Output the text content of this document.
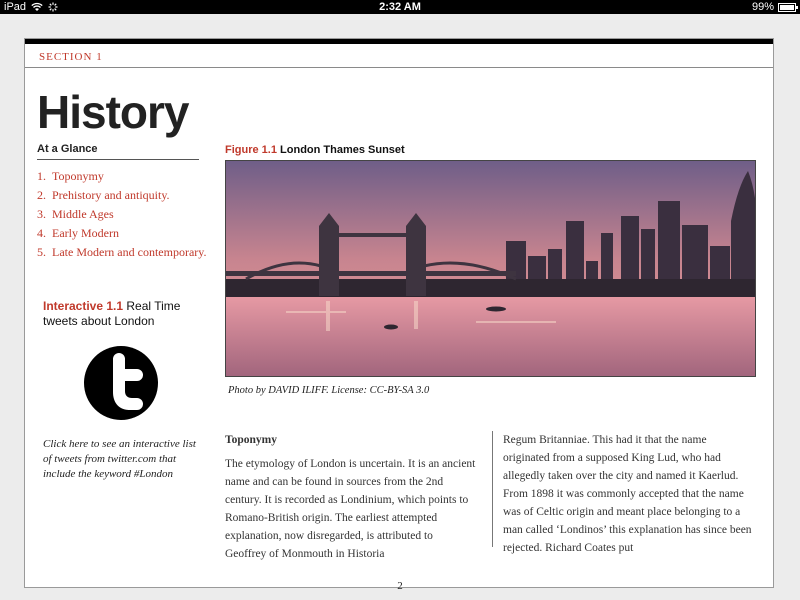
iPad	2:32 AM	99%
SECTION 1
History
At a Glance
1.
Toponymy
2.
Prehistory and antiquity.
3.
Middle Ages
4.
Early Modern
5.
Late Modern and contemporary.
Interactive 1.1 Real Time tweets about London
Click here to see an interactive list of tweets from twitter.com that include the keyword #London
Figure 1.1 London Thames Sunset
Photo by DAVID ILIFF. License: CC-BY-SA 3.0
Toponymy
The etymology of London is uncertain. It is an ancient name and can be found in sources from the 2nd century. It is recorded as Londinium, which points to Romano-British origin. The earliest attempted explanation, now disregarded, is attributed to Geoffrey of Monmouth in Historia
Regum Britanniae. This had it that the name originated from a supposed King Lud, who had allegedly taken over the city and named it Kaerlud. From 1898 it was commonly accepted that the name was of Celtic origin and meant place belonging to a man called ‘Londinos’ this explanation has since been rejected. Richard Coates put
2
